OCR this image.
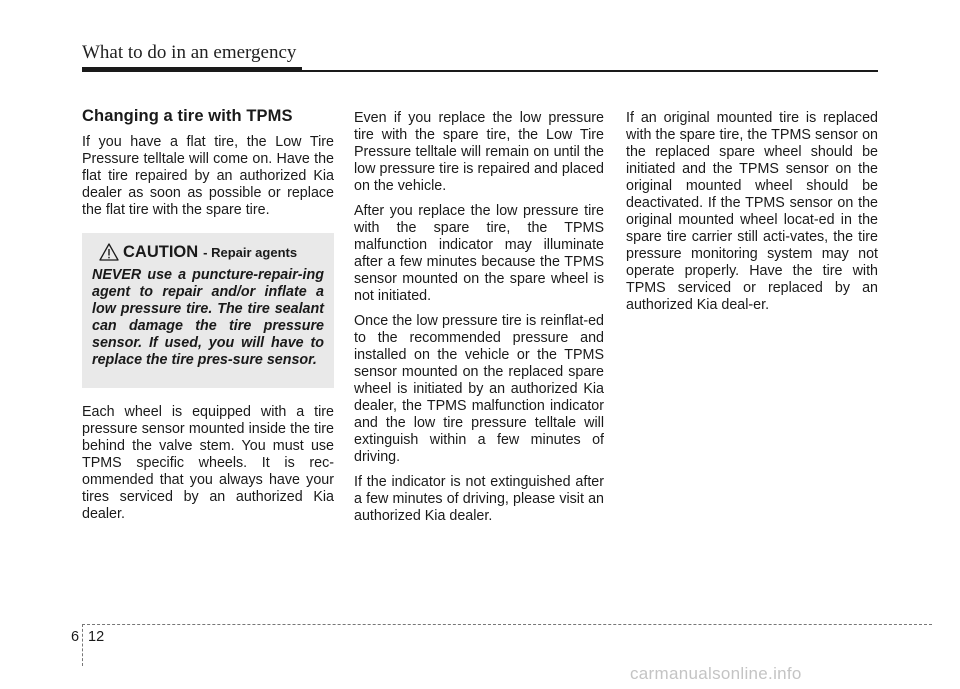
What to do in an emergency
Changing a tire with TPMS

If you have a flat tire, the Low Tire Pressure telltale will come on. Have the flat tire repaired by an authorized Kia dealer as soon as possible or replace the flat tire with the spare tire.

CAUTION - Repair agents

NEVER use a puncture-repair-ing agent to repair and/or inflate a low pressure tire. The tire sealant can damage the tire pressure sensor. If used, you will have to replace the tire pres-sure sensor.

Each wheel is equipped with a tire pressure sensor mounted inside the tire behind the valve stem. You must use TPMS specific wheels. It is rec-ommended that you always have your tires serviced by an authorized Kia dealer.

Even if you replace the low pressure tire with the spare tire, the Low Tire Pressure telltale will remain on until the low pressure tire is repaired and placed on the vehicle.

After you replace the low pressure tire with the spare tire, the TPMS malfunction indicator may illuminate after a few minutes because the TPMS sensor mounted on the spare wheel is not initiated.

Once the low pressure tire is reinflat-ed to the recommended pressure and installed on the vehicle or the TPMS sensor mounted on the replaced spare wheel is initiated by an authorized Kia dealer, the TPMS malfunction indicator and the low tire pressure telltale will extinguish within a few minutes of driving.

If the indicator is not extinguished after a few minutes of driving, please visit an authorized Kia dealer.

If an original mounted tire is replaced with the spare tire, the TPMS sensor on the replaced spare wheel should be initiated and the TPMS sensor on the original mounted wheel should be deactivated. If the TPMS sensor on the original mounted wheel locat-ed in the spare tire carrier still acti-vates, the tire pressure monitoring system may not operate properly. Have the tire with TPMS serviced or replaced by an authorized Kia deal-er.

6 12
carmanualsonline.info
